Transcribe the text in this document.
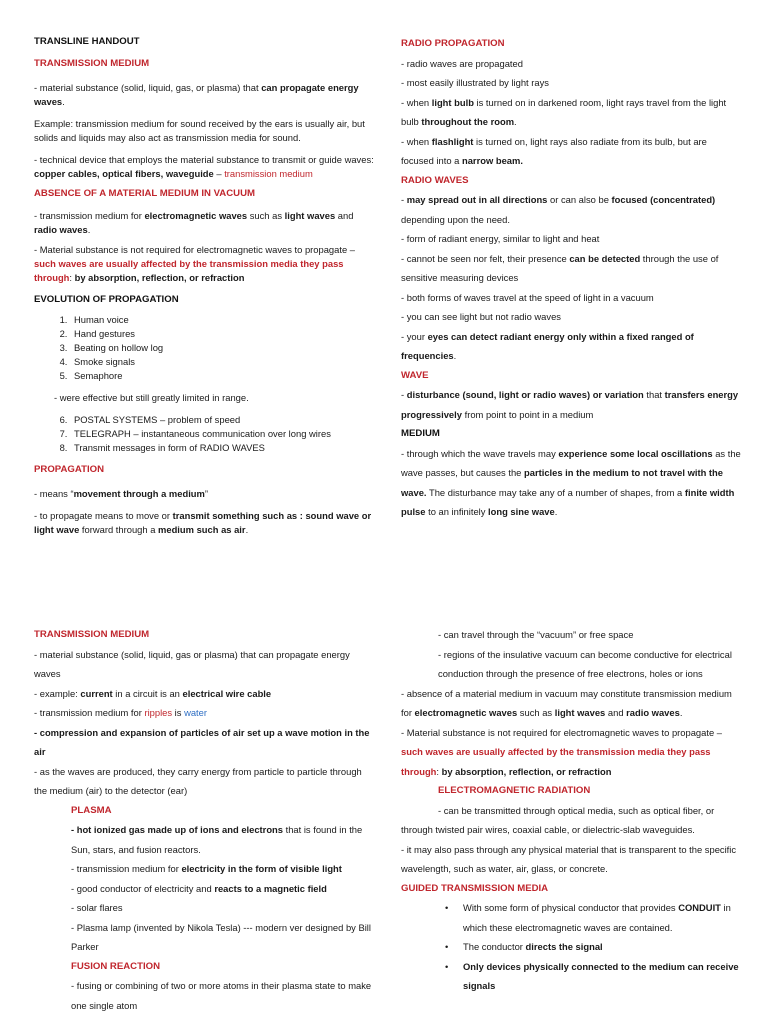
TRANSLINE HANDOUT

TRANSMISSION MEDIUM

- material substance (solid, liquid, gas, or plasma) that can propagate energy waves.

Example: transmission medium for sound received by the ears is usually air, but solids and liquids may also act as transmission media for sound.

- technical device that employs the material substance to transmit or guide waves: copper cables, optical fibers, waveguide – transmission medium

ABSENCE OF A MATERIAL MEDIUM IN VACUUM

- transmission medium for electromagnetic waves such as light waves and radio waves.

- Material substance is not required for electromagnetic waves to propagate – such waves are usually affected by the transmission media they pass through: by absorption, reflection, or refraction

EVOLUTION OF PROPAGATION

1. Human voice
2. Hand gestures
3. Beating on hollow log
4. Smoke signals
5. Semaphore

- were effective but still greatly limited in range.

6. POSTAL SYSTEMS – problem of speed
7. TELEGRAPH – instantaneous communication over long wires
8. Transmit messages in form of RADIO WAVES

PROPAGATION

- means “movement through a medium”

- to propagate means to move or transmit something such as : sound wave or light wave forward through a medium such as air.

RADIO PROPAGATION

- radio waves are propagated

- most easily illustrated by light rays

- when light bulb is turned on in darkened room, light rays travel from the light bulb throughout the room.

- when flashlight is turned on, light rays also radiate from its bulb, but are focused into a narrow beam.

RADIO WAVES

- may spread out in all directions or can also be focused (concentrated) depending upon the need.

- form of radiant energy, similar to light and heat

- cannot be seen nor felt, their presence can be detected through the use of sensitive measuring devices

- both forms of waves travel at the speed of light in a vacuum

- you can see light but not radio waves

- your eyes can detect radiant energy only within a fixed ranged of frequencies.

WAVE

- disturbance (sound, light or radio waves) or variation that transfers energy progressively from point to point in a medium

MEDIUM

- through which the wave travels may experience some local oscillations as the wave passes, but causes the particles in the medium to not travel with the wave. The disturbance may take any of a number of shapes, from a finite width pulse to an infinitely long sine wave.

TRANSMISSION MEDIUM

- material substance (solid, liquid, gas or plasma) that can propagate energy waves

- example: current in a circuit is an electrical wire cable

- transmission medium for ripples is water

- compression and expansion of particles of air set up a wave motion in the air

- as the waves are produced, they carry energy from particle to particle through the medium (air) to the detector (ear)

PLASMA

- hot ionized gas made up of ions and electrons that is found in the Sun, stars, and fusion reactors.

- transmission medium for electricity in the form of visible light

- good conductor of electricity and reacts to a magnetic field

- solar flares

- Plasma lamp (invented by Nikola Tesla) --- modern ver designed by Bill Parker

FUSION REACTION

- fusing or combining of two or more atoms in their plasma state to make one single atom

- can travel through the “vacuum” or free space

- regions of the insulative vacuum can become conductive for electrical conduction through the presence of free electrons, holes or ions

- absence of a material medium in vacuum may constitute transmission medium for electromagnetic waves such as light waves and radio waves.

- Material substance is not required for electromagnetic waves to propagate – such waves are usually affected by the transmission media they pass through: by absorption, reflection, or refraction

ELECTROMAGNETIC RADIATION

- can be transmitted through optical media, such as optical fiber, or through twisted pair wires, coaxial cable, or dielectric-slab waveguides.

- it may also pass through any physical material that is transparent to the specific wavelength, such as water, air, glass, or concrete.

GUIDED TRANSMISSION MEDIA

•	With some form of physical conductor that provides CONDUIT in which these electromagnetic waves are contained.
•	The conductor directs the signal
•	Only devices physically connected to the medium can receive signals
